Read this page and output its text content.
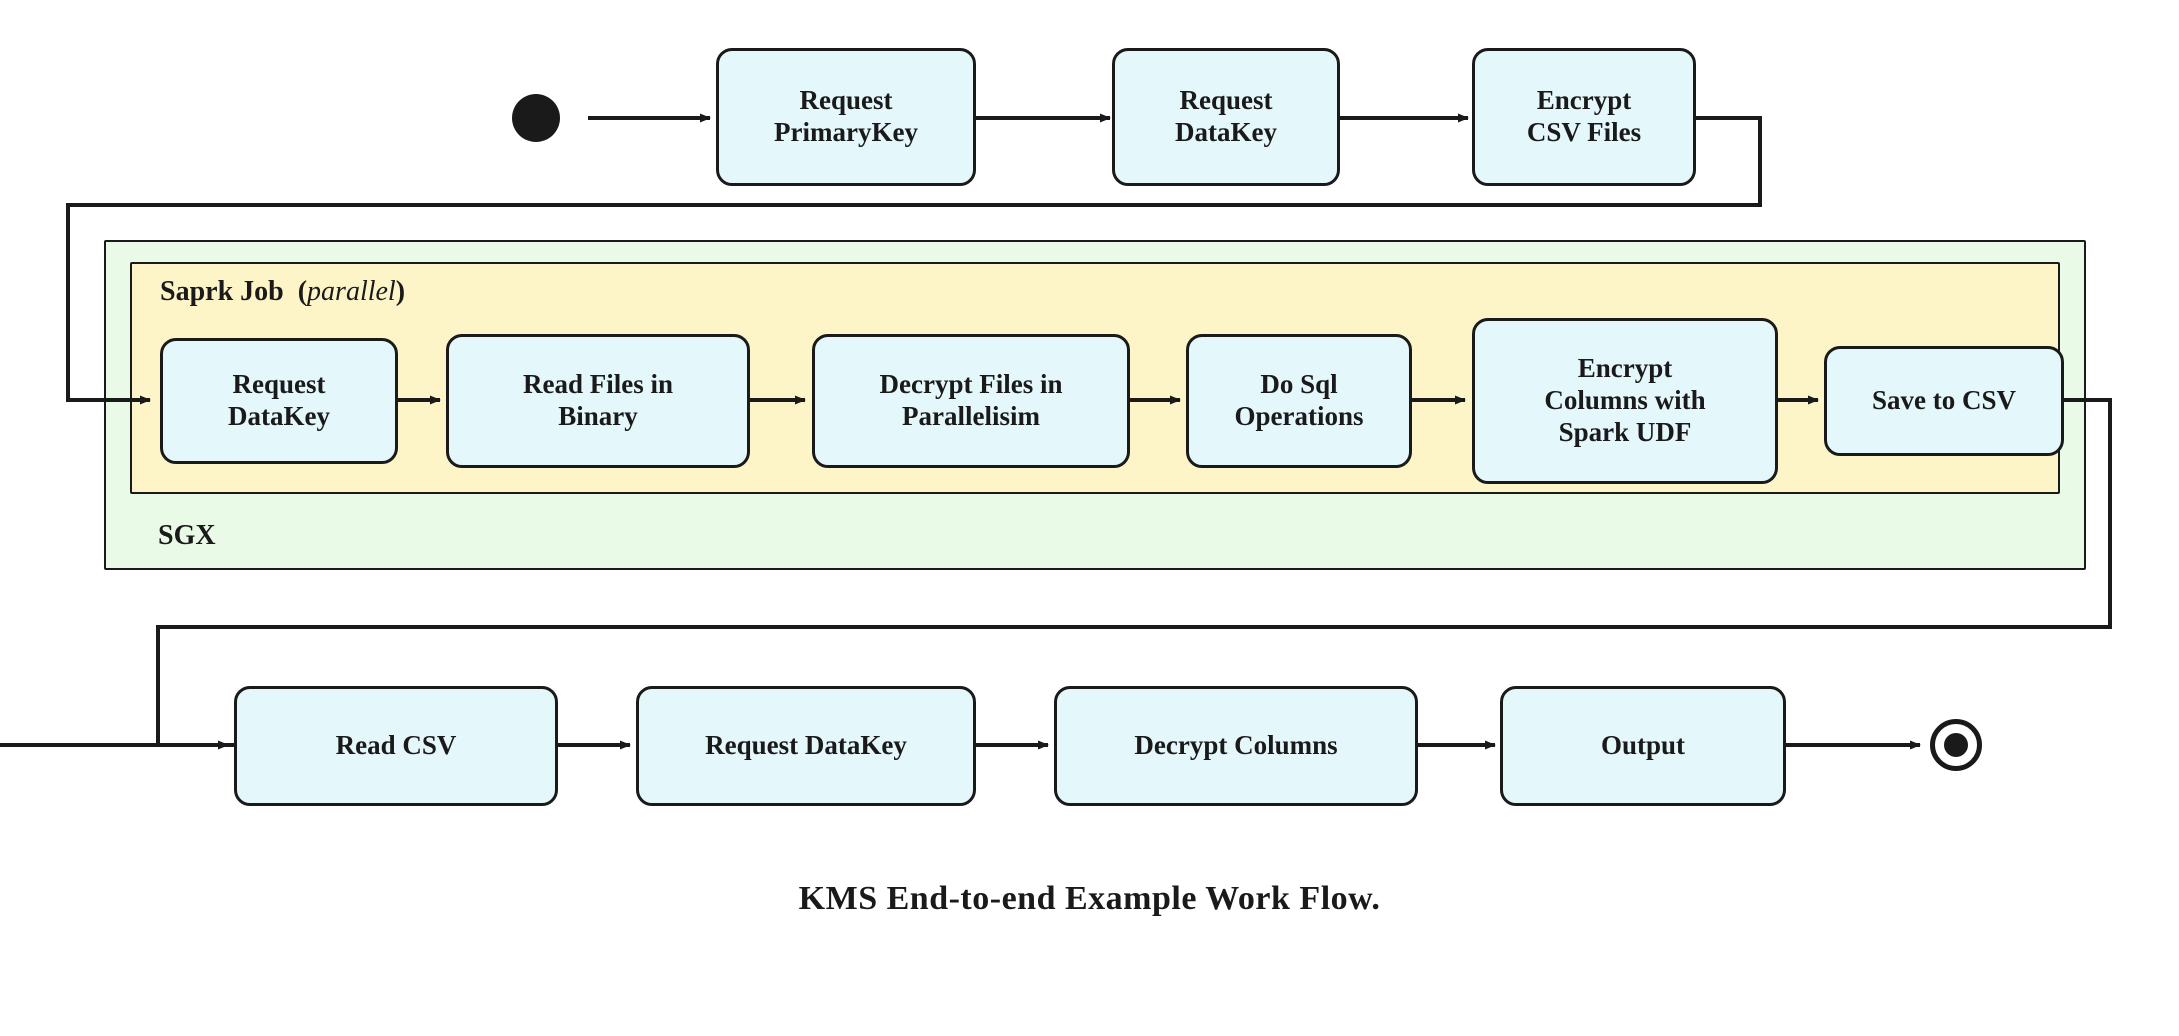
SGX
Saprk Job (parallel)
Request
PrimaryKey
Request
DataKey
Encrypt
CSV Files
Request
DataKey
Read Files in
Binary
Decrypt Files in
Parallelisim
Do Sql
Operations
Encrypt
Columns with
Spark UDF
Save to CSV
Read CSV	Request DataKey	Decrypt Columns	Output
KMS End-to-end Example Work Flow.
